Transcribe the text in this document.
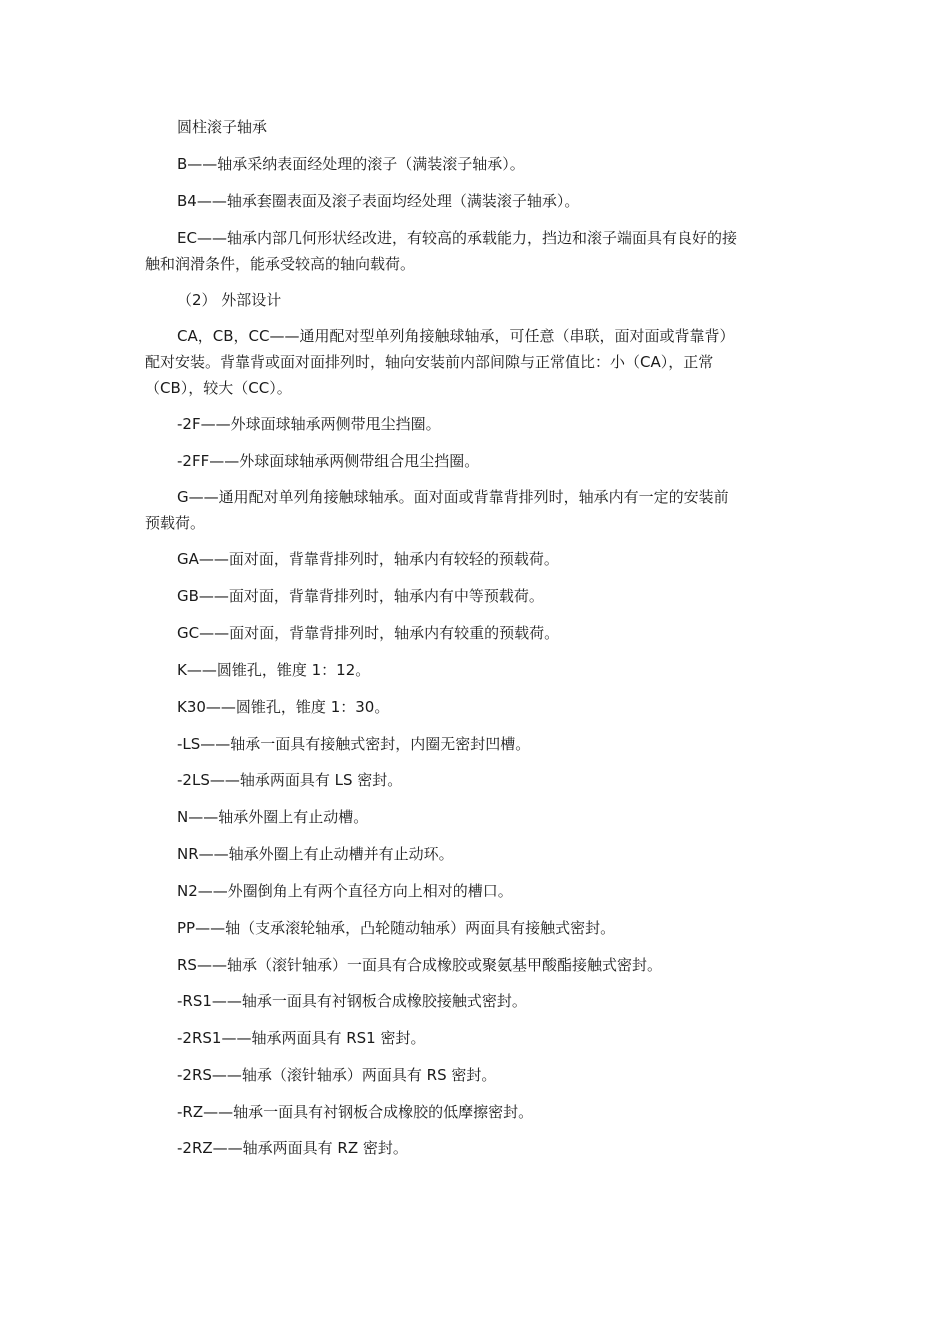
圆柱滚子轴承

B——轴承采纳表面经处理的滚子（满装滚子轴承）。

B4——轴承套圈表面及滚子表面均经处理（满装滚子轴承）。

EC——轴承内部几何形状经改进，有较高的承载能力，挡边和滚子端面具有良好的接

触和润滑条件，能承受较高的轴向载荷。

（2） 外部设计

CA，CB，CC——通用配对型单列角接触球轴承，可任意（串联，面对面或背靠背）

配对安装。背靠背或面对面排列时，轴向安装前内部间隙与正常值比：小（CA），正常

（CB），较大（CC）。

-2F——外球面球轴承两侧带甩尘挡圈。

-2FF——外球面球轴承两侧带组合甩尘挡圈。

G——通用配对单列角接触球轴承。面对面或背靠背排列时，轴承内有一定的安装前

预载荷。

GA——面对面，背靠背排列时，轴承内有较轻的预载荷。

GB——面对面，背靠背排列时，轴承内有中等预载荷。

GC——面对面，背靠背排列时，轴承内有较重的预载荷。

K——圆锥孔，锥度 1：12。

K30——圆锥孔，锥度 1：30。

-LS——轴承一面具有接触式密封，内圈无密封凹槽。

-2LS——轴承两面具有 LS 密封。

N——轴承外圈上有止动槽。

NR——轴承外圈上有止动槽并有止动环。

N2——外圈倒角上有两个直径方向上相对的槽口。

PP——轴（支承滚轮轴承，凸轮随动轴承）两面具有接触式密封。

RS——轴承（滚针轴承）一面具有合成橡胶或聚氨基甲酸酯接触式密封。

-RS1——轴承一面具有衬钢板合成橡胶接触式密封。

-2RS1——轴承两面具有 RS1 密封。

-2RS——轴承（滚针轴承）两面具有 RS 密封。

-RZ——轴承一面具有衬钢板合成橡胶的低摩擦密封。

-2RZ——轴承两面具有 RZ 密封。
